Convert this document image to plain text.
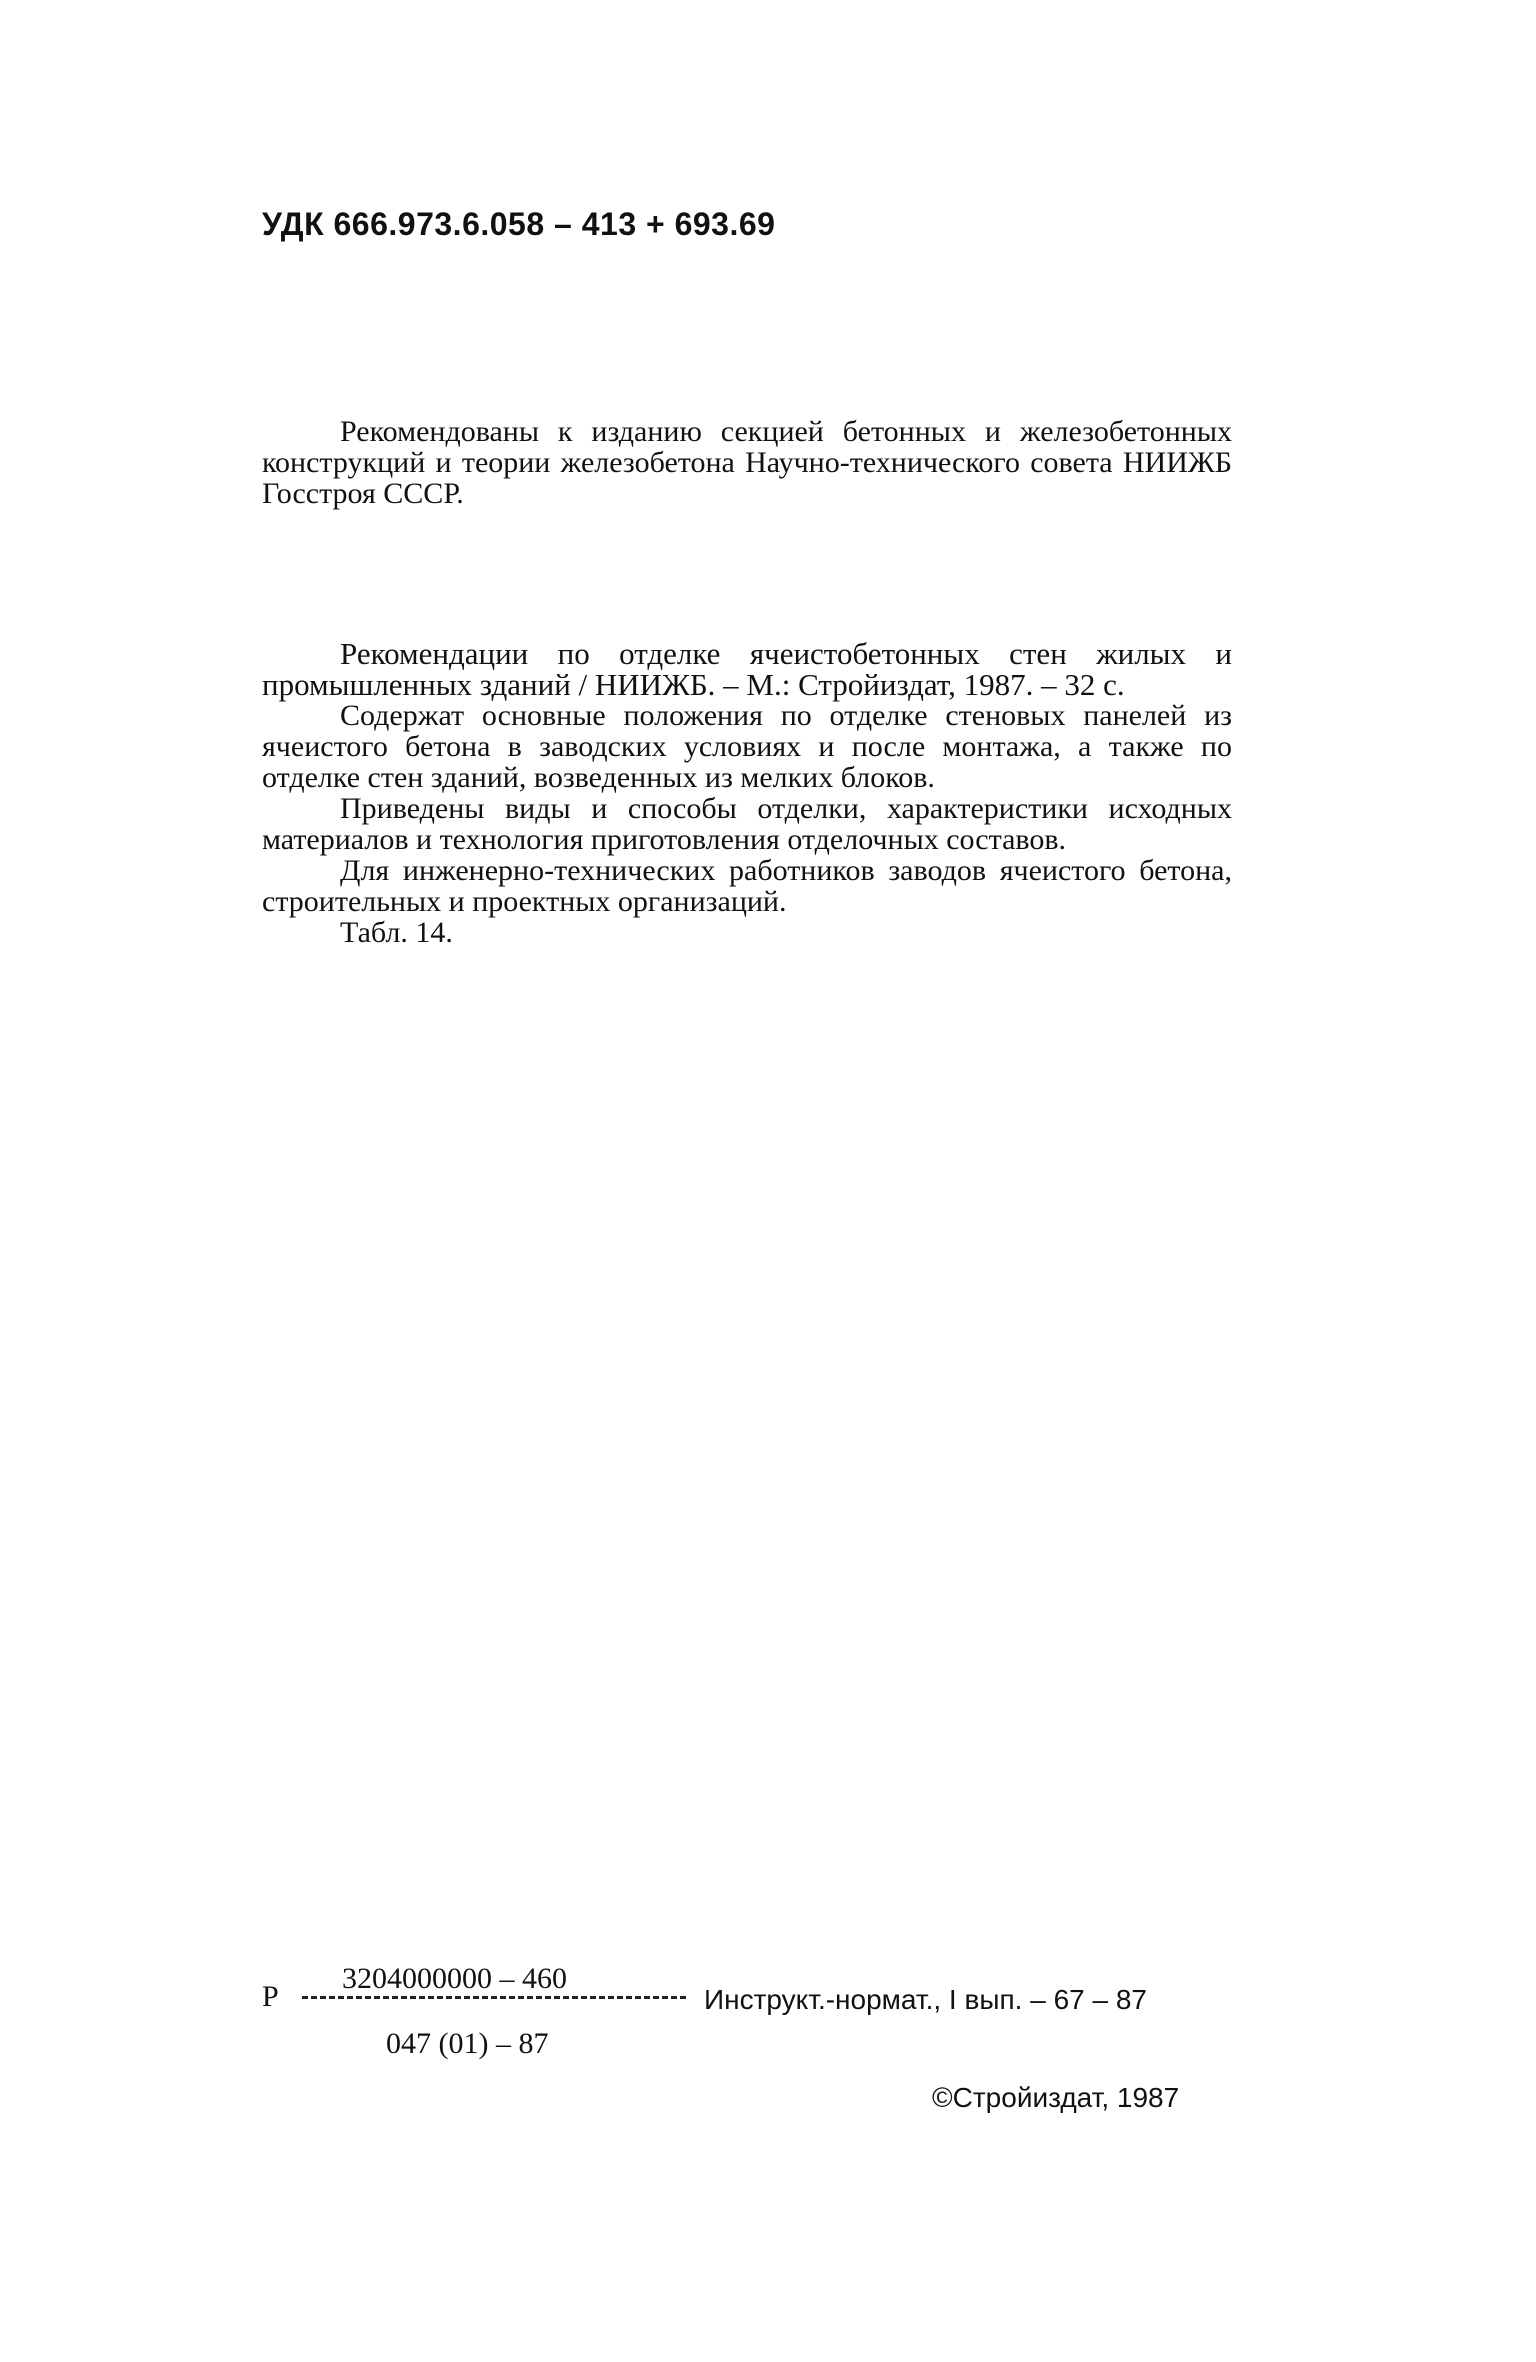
УДК 666.973.6.058 – 413 + 693.69
Рекомендованы к изданию секцией бетонных и железобетонных конструкций и теории железобетона Научно-технического совета НИИЖБ Госстроя СССР.

Рекомендации по отделке ячеистобетонных стен жилых и промышленных зданий / НИИЖБ. – М.: Стройиздат, 1987. – 32 с.

Содержат основные положения по отделке стеновых панелей из ячеистого бетона в заводских условиях и после монтажа, а также по отделке стен зданий, возведенных из мелких блоков.

Приведены виды и способы отделки, характеристики исходных материалов и технология приготовления отделочных составов.

Для инженерно-технических работников заводов ячеистого бетона, строительных и проектных организаций.

Табл. 14.

Р
3204000000 – 460
047 (01) – 87
Инструкт.-нормат., I вып. – 67 – 87
©Стройиздат, 1987
